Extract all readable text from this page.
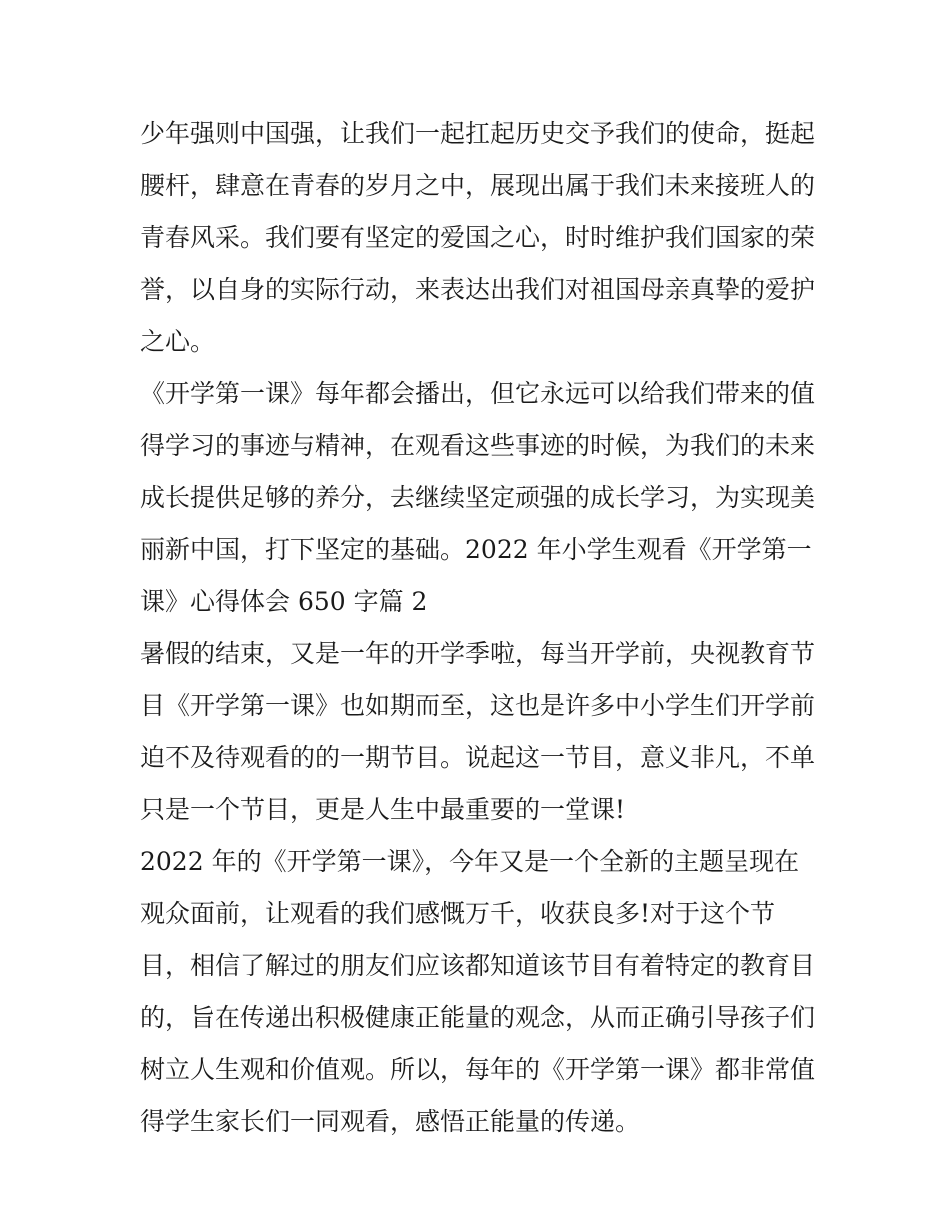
少年强则中国强，让我们一起扛起历史交予我们的使命，挺起
腰杆，肆意在青春的岁月之中，展现出属于我们未来接班人的
青春风采。我们要有坚定的爱国之心，时时维护我们国家的荣
誉，以自身的实际行动，来表达出我们对祖国母亲真挚的爱护
之心。
《开学第一课》每年都会播出，但它永远可以给我们带来的值
得学习的事迹与精神，在观看这些事迹的时候，为我们的未来
成长提供足够的养分，去继续坚定顽强的成长学习，为实现美
丽新中国，打下坚定的基础。2022 年小学生观看《开学第一
课》心得体会 650 字篇 2
暑假的结束，又是一年的开学季啦，每当开学前，央视教育节
目《开学第一课》也如期而至，这也是许多中小学生们开学前
迫不及待观看的的一期节目。说起这一节目，意义非凡，不单
只是一个节目，更是人生中最重要的一堂课!
2022 年的《开学第一课》，今年又是一个全新的主题呈现在
观众面前，让观看的我们感慨万千，收获良多!对于这个节
目，相信了解过的朋友们应该都知道该节目有着特定的教育目
的，旨在传递出积极健康正能量的观念，从而正确引导孩子们
树立人生观和价值观。所以，每年的《开学第一课》都非常值
得学生家长们一同观看，感悟正能量的传递。
